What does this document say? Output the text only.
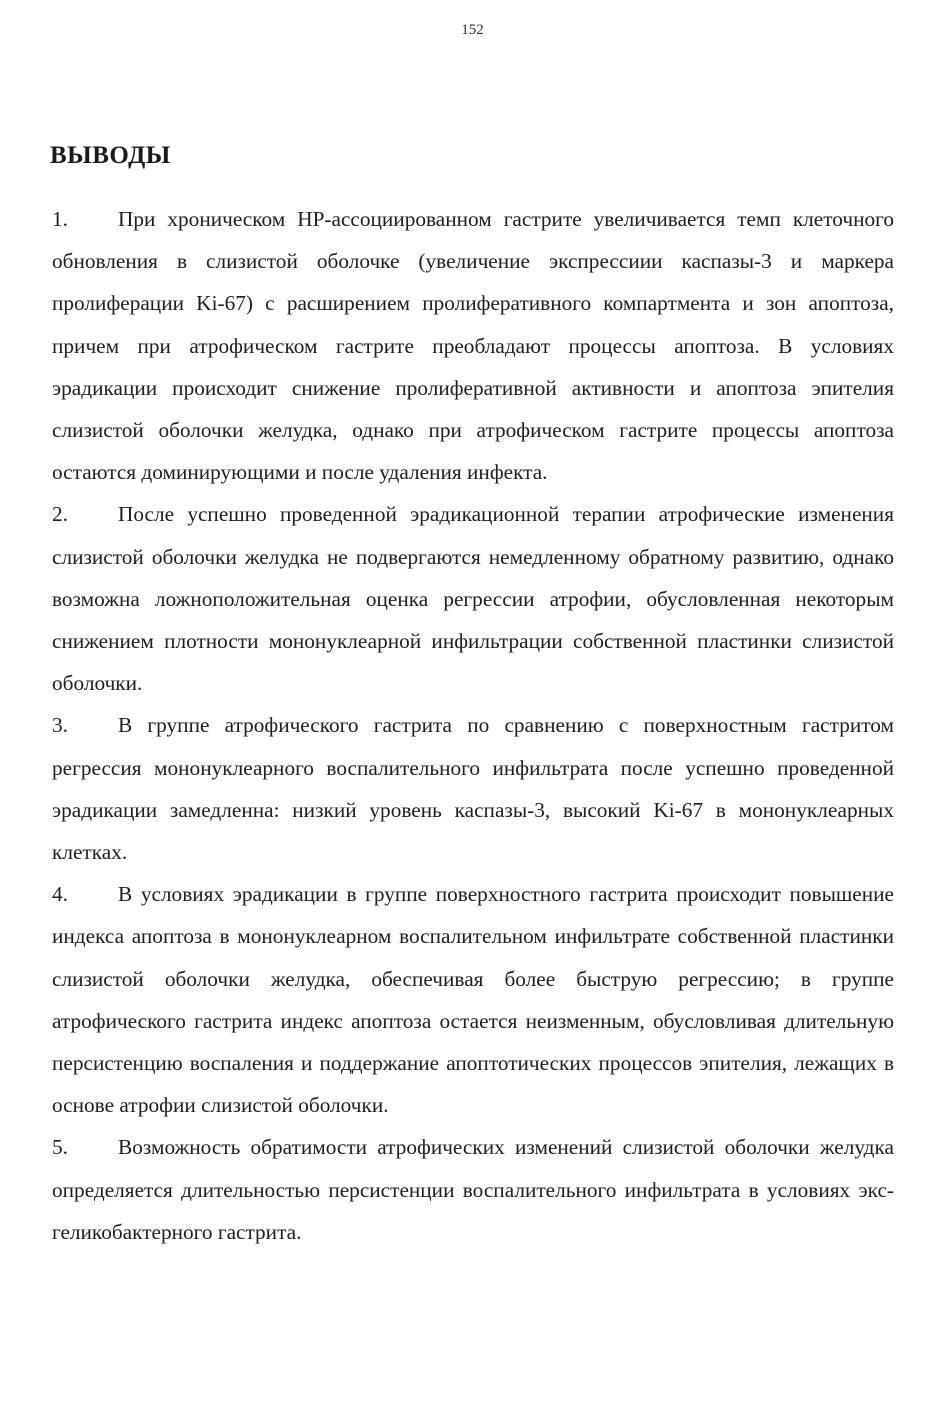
152
ВЫВОДЫ
1. При хроническом НР-ассоциированном гастрите увеличивается темп клеточного обновления в слизистой оболочке (увеличение экспрессиии каспазы-3 и маркера пролиферации Ki-67) с расширением пролиферативного компартмента и зон апоптоза, причем при атрофическом гастрите преобладают процессы апоптоза. В условиях эрадикации происходит снижение пролиферативной активности и апоптоза эпителия слизистой оболочки желудка, однако при атрофическом гастрите процессы апоптоза остаются доминирующими и после удаления инфекта.
2. После успешно проведенной эрадикационной терапии атрофические изменения слизистой оболочки желудка не подвергаются немедленному обратному развитию, однако возможна ложноположительная оценка регрессии атрофии, обусловленная некоторым снижением плотности мононуклеарной инфильтрации собственной пластинки слизистой оболочки.
3. В группе атрофического гастрита по сравнению с поверхностным гастритом регрессия мононуклеарного воспалительного инфильтрата после успешно проведенной эрадикации замедленна: низкий уровень каспазы-3, высокий Ki-67 в мононуклеарных клетках.
4. В условиях эрадикации в группе поверхностного гастрита происходит повышение индекса апоптоза в мононуклеарном воспалительном инфильтрате собственной пластинки слизистой оболочки желудка, обеспечивая более быструю регрессию; в группе атрофического гастрита индекс апоптоза остается неизменным, обусловливая длительную персистенцию воспаления и поддержание апоптотических процессов эпителия, лежащих в основе атрофии слизистой оболочки.
5. Возможность обратимости атрофических изменений слизистой оболочки желудка определяется длительностью персистенции воспалительного инфильтрата в условиях экс-геликобактерного гастрита.
